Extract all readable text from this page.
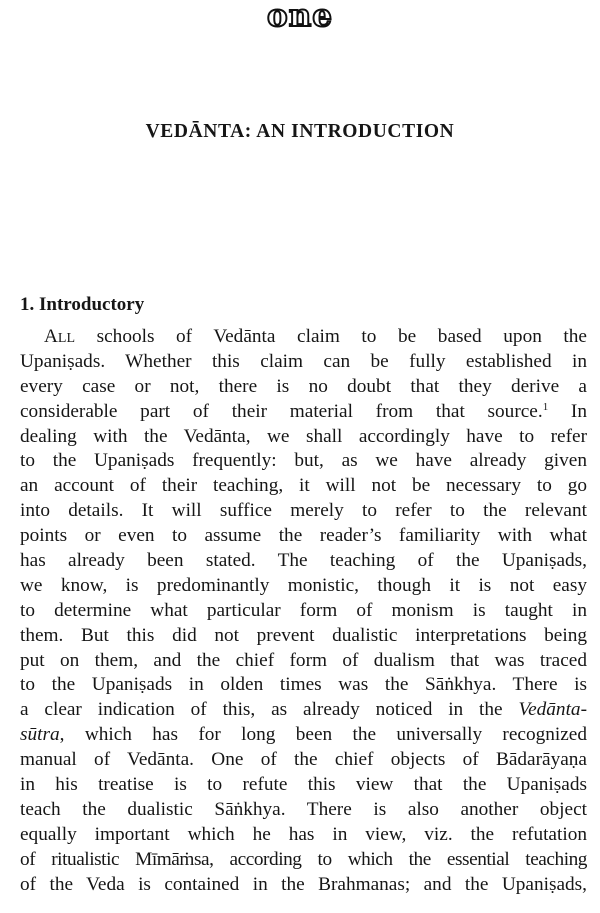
one
VEDĀNTA: AN INTRODUCTION
1. Introductory
All schools of Vedānta claim to be based upon the
Upaniṣads. Whether this claim can be fully established in
every case or not, there is no doubt that they derive a
considerable part of their material from that source.$^1$ In
dealing with the Vedānta, we shall accordingly have to refer
to the Upaniṣads frequently: but, as we have already given
an account of their teaching, it will not be necessary to go
into details. It will suffice merely to refer to the relevant
points or even to assume the reader’s familiarity with what
has already been stated. The teaching of the Upaniṣads,
we know, is predominantly monistic, though it is not easy
to determine what particular form of monism is taught in
them. But this did not prevent dualistic interpretations being
put on them, and the chief form of dualism that was traced
to the Upaniṣads in olden times was the Sāṅkhya. There is
a clear indication of this, as already noticed in the Vedānta-
sūtra, which has for long been the universally recognized
manual of Vedānta. One of the chief objects of Bādarāyaṇa
in his treatise is to refute this view that the Upaniṣads
teach the dualistic Sāṅkhya. There is also another object
equally important which he has in view, viz. the refutation
of ritualistic Mīmāṁsa, according to which the essential teaching
of the Veda is contained in the Brahmanas; and the Upaniṣads,
